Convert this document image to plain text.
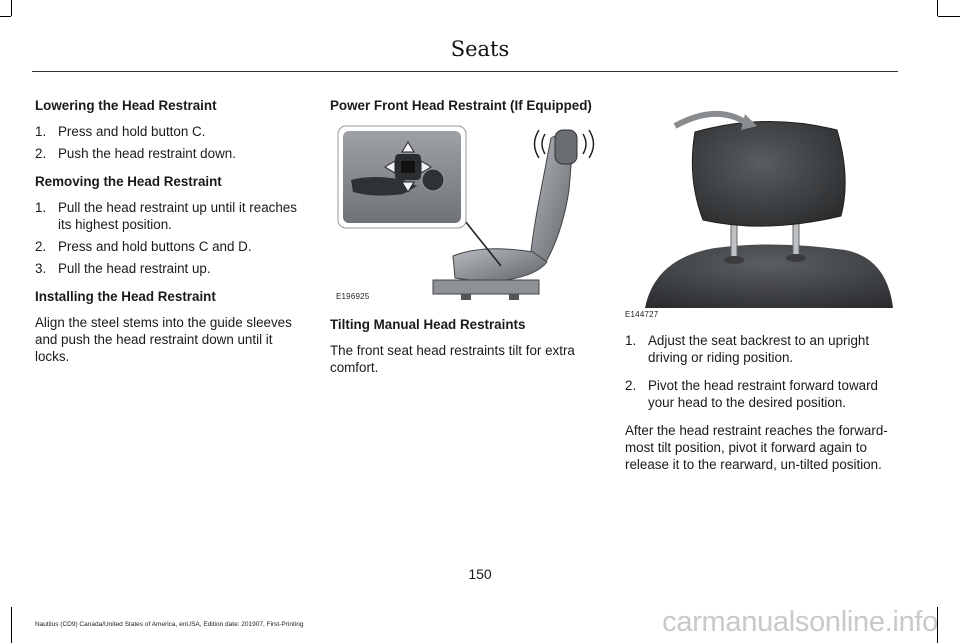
Seats

Lowering the Head Restraint

1. Press and hold button C.
2. Push the head restraint down.

Removing the Head Restraint

1. Pull the head restraint up until it reaches its highest position.
2. Press and hold buttons C and D.
3. Pull the head restraint up.

Installing the Head Restraint

Align the steel stems into the guide sleeves and push the head restraint down until it locks.

Power Front Head Restraint (If Equipped)

E196925

Tilting Manual Head Restraints

The front seat head restraints tilt for extra comfort.

E144727
1. Adjust the seat backrest to an upright driving or riding position.
2. Pivot the head restraint forward toward your head to the desired position.

After the head restraint reaches the forward-most tilt position, pivot it forward again to release it to the rearward, un-tilted position.

150
Nautilus (CD9) Canada/United States of America, enUSA, Edition date: 201907, First-Printing	carmanualsonline.info
